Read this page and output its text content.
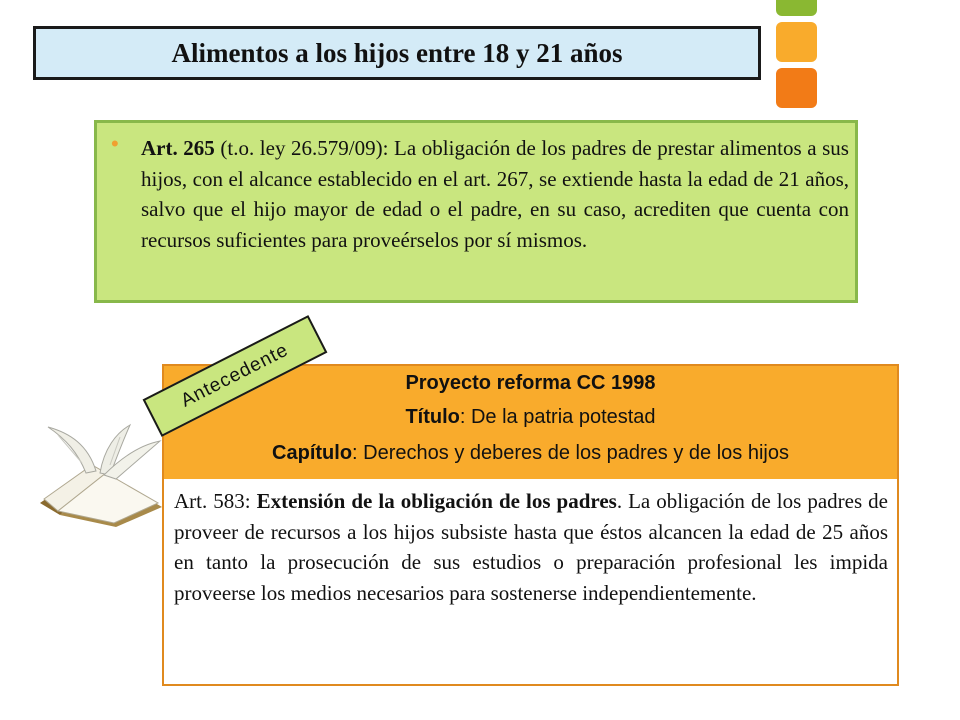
Alimentos a los hijos entre 18 y 21 años
• Art. 265 (t.o. ley 26.579/09): La obligación de los padres de prestar alimentos a sus hijos, con el alcance establecido en el art. 267, se extiende hasta la edad de 21 años, salvo que el hijo mayor de edad o el padre, en su caso, acrediten que cuenta con recursos suficientes para proveérselos por sí mismos.
Proyecto reforma CC 1998
Título: De la patria potestad
Capítulo: Derechos y deberes de los padres y de los hijos
Art. 583: Extensión de la obligación de los padres. La obligación de los padres de proveer de recursos a los hijos subsiste hasta que éstos alcancen la edad de 25 años en tanto la prosecución de sus estudios o preparación profesional les impida proveerse los medios necesarios para sostenerse independientemente.
Antecedente
